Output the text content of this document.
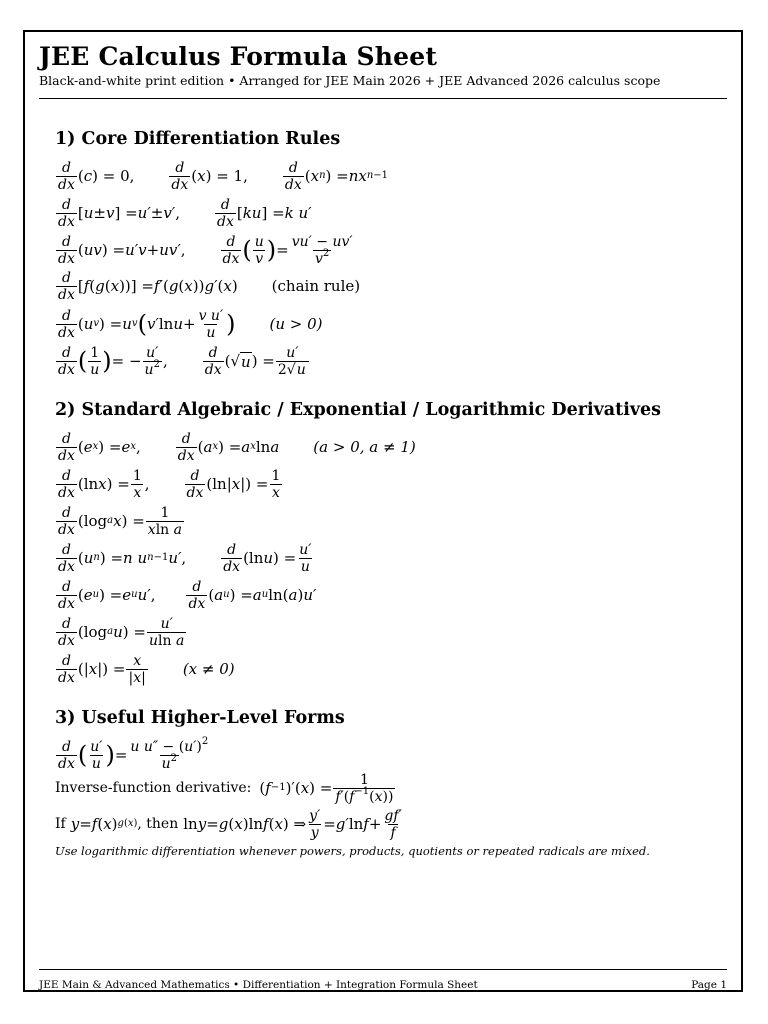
JEE Calculus Formula Sheet
Black-and-white print edition • Arranged for JEE Main 2026 + JEE Advanced 2026 calculus scope
1) Core Differentiation Rules
$\frac{d}{dx}$ ( c ) = 0,	$\frac{d}{dx}$ ( x ) = 1,	$\frac{d}{dx}$ ( x n ) = nx n−1
$\frac{d}{dx}$ [ u ± v ] = u′ ± v′ ,	$\frac{d}{dx}$ [ ku ] = k u′
$\frac{d}{dx}$ ( uv ) = u′v + uv′ ,	$\frac{d}{dx}$ ( $\frac{u}{v}$ ) = $\frac{vu' - uv'}{v^2}$
$\frac{d}{dx}$ [ f ( g ( x ))] = f′ ( g ( x )) g′ ( x ) (chain rule)
$\frac{d}{dx}$ ( u v ) = u v ( v′ $\ln u + \frac{\text{v u′}}{u}$ ) (u > 0)
$\frac{d}{dx}$ ( $\frac{1}{u}$ ) = − $\frac{u'}{u^2}$ ,	$\frac{d}{dx}$ (√ u ) = $\frac{u'}{2√u}$
2) Standard Algebraic / Exponential / Logarithmic Derivatives
$\frac{d}{dx}$ ( e x ) = e x ,	$\frac{d}{dx}$ ( a x ) = a x ln a (a > 0, a ≠ 1)
$\frac{d}{dx} (\ln$ x ) = $\frac{1}{x}$ ,	$\frac{d}{dx} (\ln|$ x |) = $\frac{1}{x}$
$\frac{d}{dx} (\log$ a x ) = $\frac{1}{\text{xln a}}$
$\frac{d}{dx}$ ( u n ) = n u n−1 u′ ,	$\frac{d}{dx} (\ln$ u ) = $\frac{u'}{u}$
$\frac{d}{dx}$ ( e u ) = e u u′ , $\frac{d}{dx}$ ( a u ) = a u ln( a ) u′
$\frac{d}{dx} (\log$ a u ) = $\frac{u'}{\text{uln a}}$
$\frac{d}{dx}$ (| x |) = $\frac{x}{|x|} (x \ne 0)$
3) Useful Higher-Level Forms
$\frac{d}{dx}$ ( $\frac{u'}{u}$ ) = $\frac{u u'' - (u')^2}{u^2}$
Inverse-function derivative: ( f −1 )′( x ) = $\frac{1}{f'(f^{-1}(x))}$
If y = f ( x ) g(x) , then ln y = g ( x )ln f ( x ) ⇒ $\frac{y'}{y} = g'$ $\ln f + \frac{gf'}{f}$
Use logarithmic differentiation whenever powers, products, quotients or repeated radicals are mixed.
JEE Main & Advanced Mathematics • Differentiation + Integration Formula Sheet	Page 1
